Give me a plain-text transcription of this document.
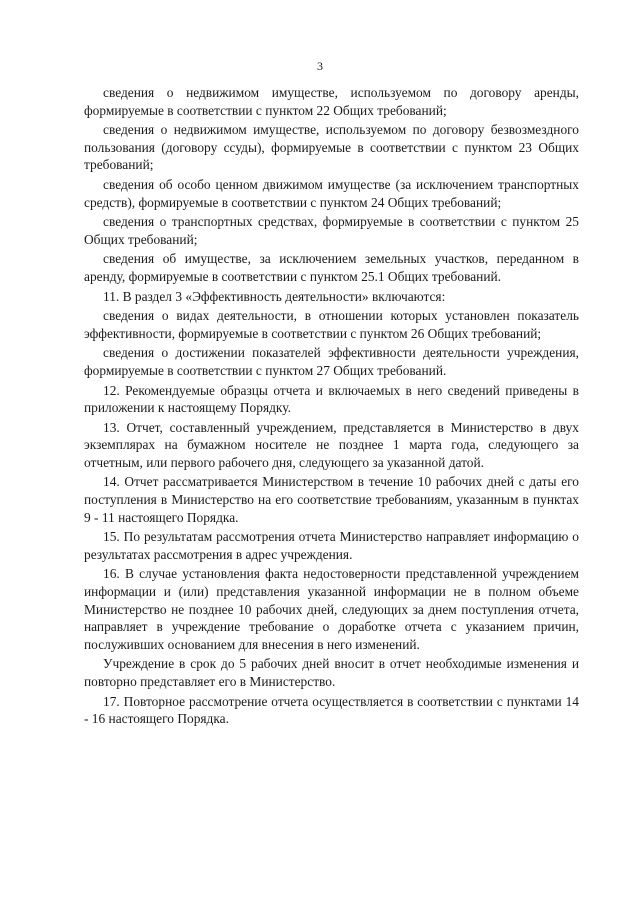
3

сведения о недвижимом имуществе, используемом по договору аренды, формируемые в соответствии с пунктом 22 Общих требований;

сведения о недвижимом имуществе, используемом по договору безвозмездного пользования (договору ссуды), формируемые в соответствии с пунктом 23 Общих требований;

сведения об особо ценном движимом имуществе (за исключением транспортных средств), формируемые в соответствии с пунктом 24 Общих требований;

сведения о транспортных средствах, формируемые в соответствии с пунктом 25 Общих требований;

сведения об имуществе, за исключением земельных участков, переданном в аренду, формируемые в соответствии с пунктом 25.1 Общих требований.

11. В раздел 3 «Эффективность деятельности» включаются:

сведения о видах деятельности, в отношении которых установлен показатель эффективности, формируемые в соответствии с пунктом 26 Общих требований;

сведения о достижении показателей эффективности деятельности учреждения, формируемые в соответствии с пунктом 27 Общих требований.

12. Рекомендуемые образцы отчета и включаемых в него сведений приведены в приложении к настоящему Порядку.

13. Отчет, составленный учреждением, представляется в Министерство в двух экземплярах на бумажном носителе не позднее 1 марта года, следующего за отчетным, или первого рабочего дня, следующего за указанной датой.

14. Отчет рассматривается Министерством в течение 10 рабочих дней с даты его поступления в Министерство на его соответствие требованиям, указанным в пунктах 9 - 11 настоящего Порядка.

15. По результатам рассмотрения отчета Министерство направляет информацию о результатах рассмотрения в адрес учреждения.

16. В случае установления факта недостоверности представленной учреждением информации и (или) представления указанной информации не в полном объеме Министерство не позднее 10 рабочих дней, следующих за днем поступления отчета, направляет в учреждение требование о доработке отчета с указанием причин, послуживших основанием для внесения в него изменений.

Учреждение в срок до 5 рабочих дней вносит в отчет необходимые изменения и повторно представляет его в Министерство.

17. Повторное рассмотрение отчета осуществляется в соответствии с пунктами 14 - 16 настоящего Порядка.
